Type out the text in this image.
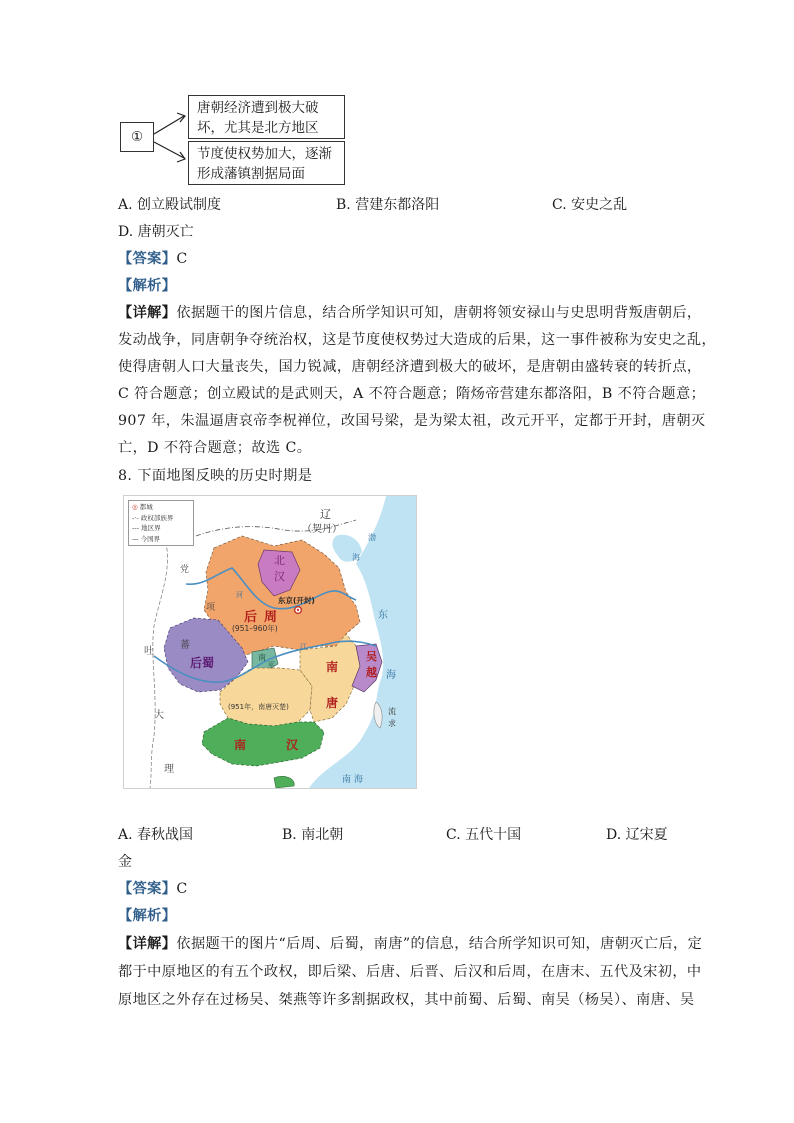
①
唐朝经济遭到极大破
坏，尤其是北方地区
节度使权势加大，逐渐
形成藩镇割据局面
A. 创立殿试制度	B. 营建东都洛阳	C. 安史之乱
D. 唐朝灭亡
【答案】C
【解析】
【详解】依据题干的图片信息，结合所学知识可知，唐朝将领安禄山与史思明背叛唐朝后，
发动战争，同唐朝争夺统治权，这是节度使权势过大造成的后果，这一事件被称为安史之乱，
使得唐朝人口大量丧失，国力锐减，唐朝经济遭到极大的破坏，是唐朝由盛转衰的转折点，
C 符合题意；创立殿试的是武则天，A 不符合题意；隋炀帝营建东都洛阳，B 不符合题意；
907 年，朱温逼唐哀帝李柷禅位，改国号梁，是为梁太祖，改元开平，定都于开封，唐朝灭
亡，D 不符合题意；故选 C。
8. 下面地图反映的历史时期是
◎ 都城
-·- 政权部族界
--- 地区界
— 今国界
辽
（契丹）
北
汉
党
项
吐
蕃
后 周
(951–960年)
东京(开封)
后蜀	南
平	南
唐
吴
越
(951年，南唐灭楚)
南	汉
大
理
渤
海
东
海
流
求
南 海
河
江
A. 春秋战国	B. 南北朝	C. 五代十国	D. 辽宋夏
金
【答案】C
【解析】
【详解】依据题干的图片“后周、后蜀，南唐”的信息，结合所学知识可知，唐朝灭亡后，定
都于中原地区的有五个政权，即后梁、后唐、后晋、后汉和后周，在唐末、五代及宋初，中
原地区之外存在过杨吴、桀燕等许多割据政权，其中前蜀、后蜀、南吴（杨吴）、南唐、吴
